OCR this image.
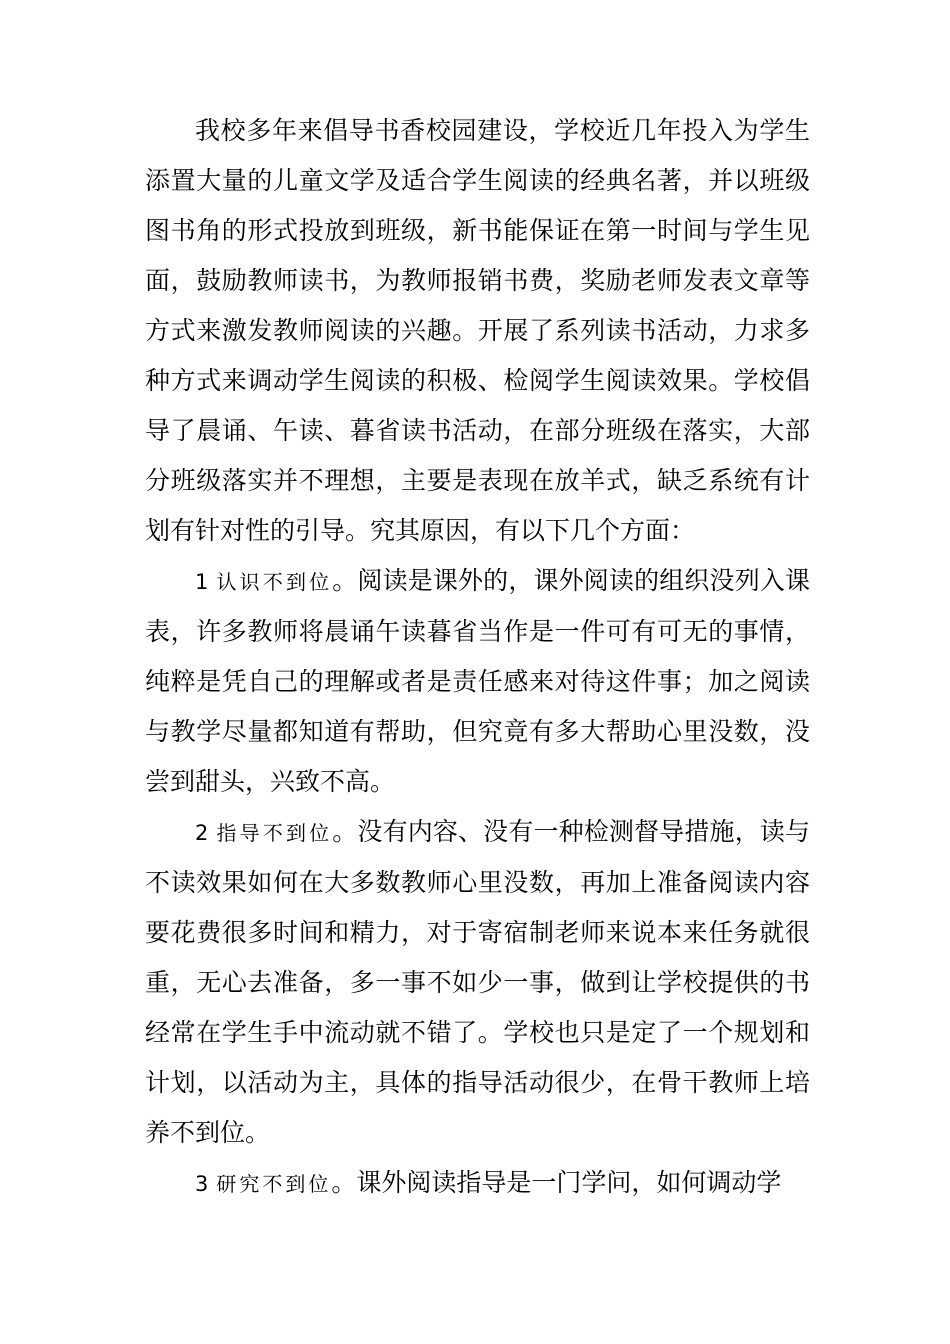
我校多年来倡导书香校园建设，学校近几年投入为学生添置大量的儿童文学及适合学生阅读的经典名著，并以班级图书角的形式投放到班级，新书能保证在第一时间与学生见面，鼓励教师读书，为教师报销书费，奖励老师发表文章等方式来激发教师阅读的兴趣。开展了系列读书活动，力求多种方式来调动学生阅读的积极、检阅学生阅读效果。学校倡导了晨诵、午读、暮省读书活动，在部分班级在落实，大部分班级落实并不理想，主要是表现在放羊式，缺乏系统有计划有针对性的引导。究其原因，有以下几个方面：

1 认识不到位。阅读是课外的，课外阅读的组织没列入课表，许多教师将晨诵午读暮省当作是一件可有可无的事情，纯粹是凭自己的理解或者是责任感来对待这件事；加之阅读与教学尽量都知道有帮助，但究竟有多大帮助心里没数，没尝到甜头，兴致不高。

2 指导不到位。没有内容、没有一种检测督导措施，读与不读效果如何在大多数教师心里没数，再加上准备阅读内容要花费很多时间和精力，对于寄宿制老师来说本来任务就很重，无心去准备，多一事不如少一事，做到让学校提供的书经常在学生手中流动就不错了。学校也只是定了一个规划和计划，以活动为主，具体的指导活动很少，在骨干教师上培养不到位。

3 研究不到位。课外阅读指导是一门学问，如何调动学
